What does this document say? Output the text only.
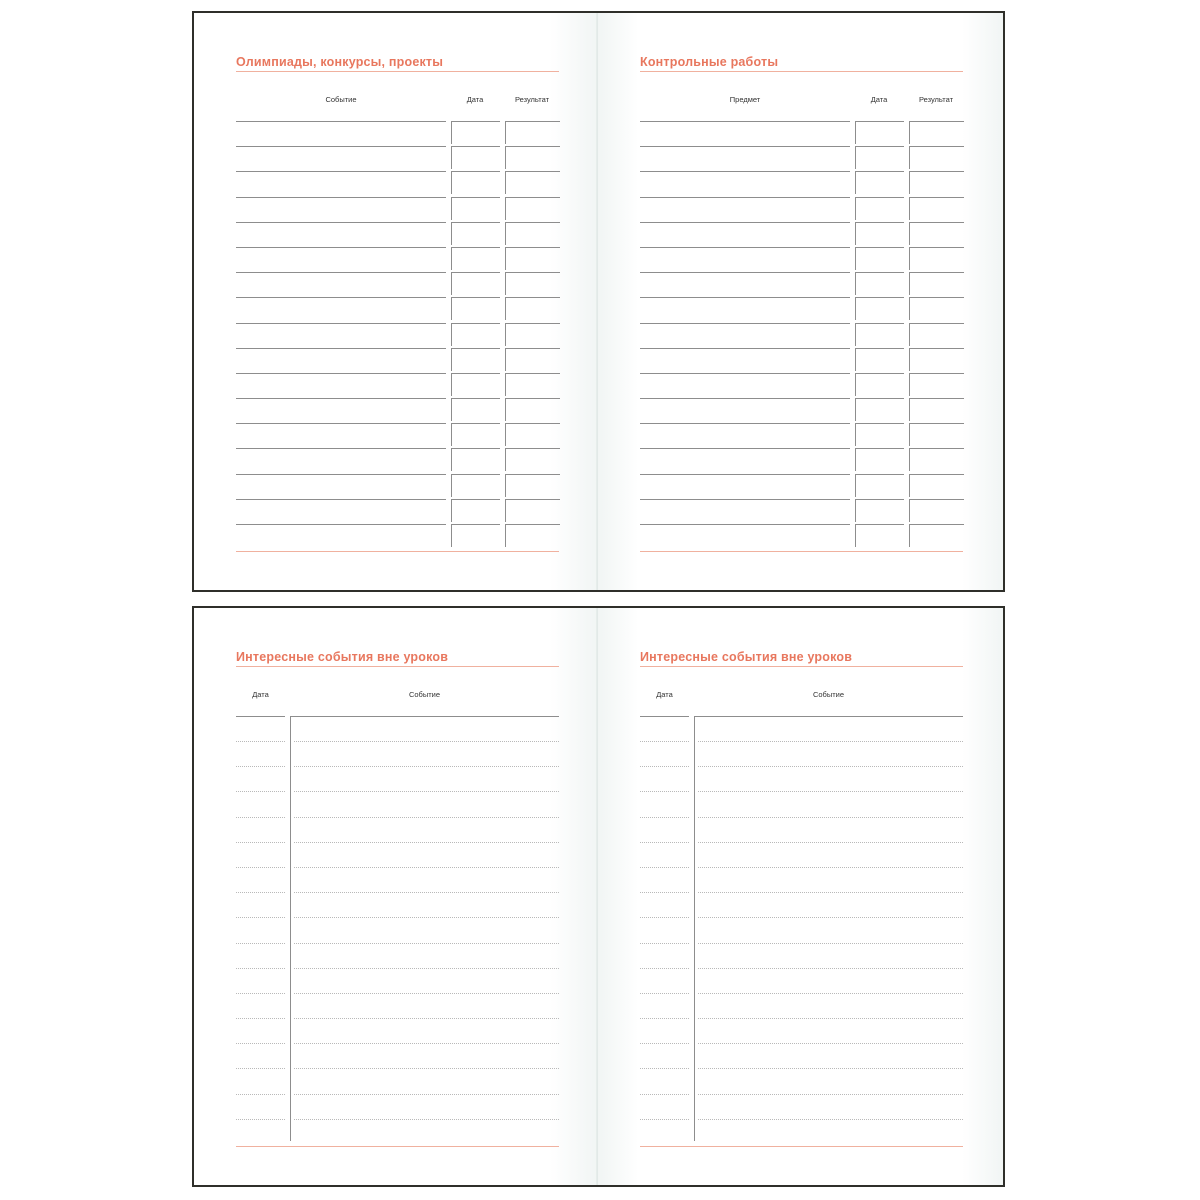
Олимпиады, конкурсы, проекты
Событие	Дата	Результат
Контрольные работы
Предмет	Дата	Результат
Интересные события вне уроков
Дата	Событие
Интересные события вне уроков
Дата	Событие
